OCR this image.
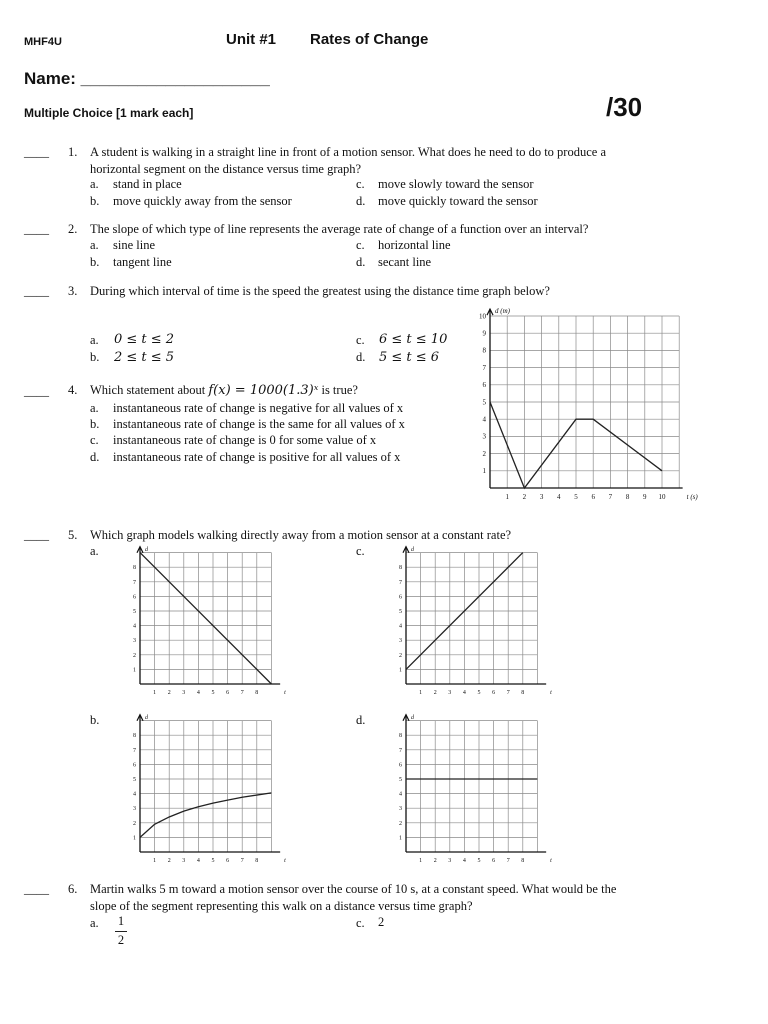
MHF4U	Unit #1 Rates of Change
Name: ____________________
Multiple Choice [1 mark each]	/30
____ 1. A student is walking in a straight line in front of a motion sensor. What does he need to do to produce a
horizontal segment on the distance versus time graph?
a. stand in place
b. move quickly away from the sensor
c. move slowly toward the sensor
d. move quickly toward the sensor
____ 2. The slope of which type of line represents the average rate of change of a function over an interval?
a. sine line
b. tangent line
c. horizontal line
d. secant line
____ 3. During which interval of time is the speed the greatest using the distance time graph below?
a. 0 ≤ t ≤ 2
b. 2 ≤ t ≤ 5
c. 6 ≤ t ≤ 10
d. 5 ≤ t ≤ 6
____ 4. Which statement about f(x) = 1000(1.3)ˣ is true?
a. instantaneous rate of change is negative for all values of x
b. instantaneous rate of change is the same for all values of x
c. instantaneous rate of change is 0 for some value of x
d. instantaneous rate of change is positive for all values of x
1 2 3 4 5 6 7 8 9 10
1
2
3
4
5
6
7
8
9
10
d (m)
t (s)
____ 5. Which graph models walking directly away from a motion sensor at a constant rate?
a.	c.
b.	d.
1 2 3 4 5 6 7 8
1
2
3
4
5
6
7
8
d
t
1 2 3 4 5 6 7 8
1
2
3
4
5
6
7
8
d
t
1 2 3 4 5 6 7 8
1
2
3
4
5
6
7
8
d
t
1 2 3 4 5 6 7 8
1
2
3
4
5
6
7
8
d
t
____ 6. Martin walks 5 m toward a motion sensor over the course of 10 s, at a constant speed. What would be the
slope of the segment representing this walk on a distance versus time graph?
a. 1
2
c. 2
